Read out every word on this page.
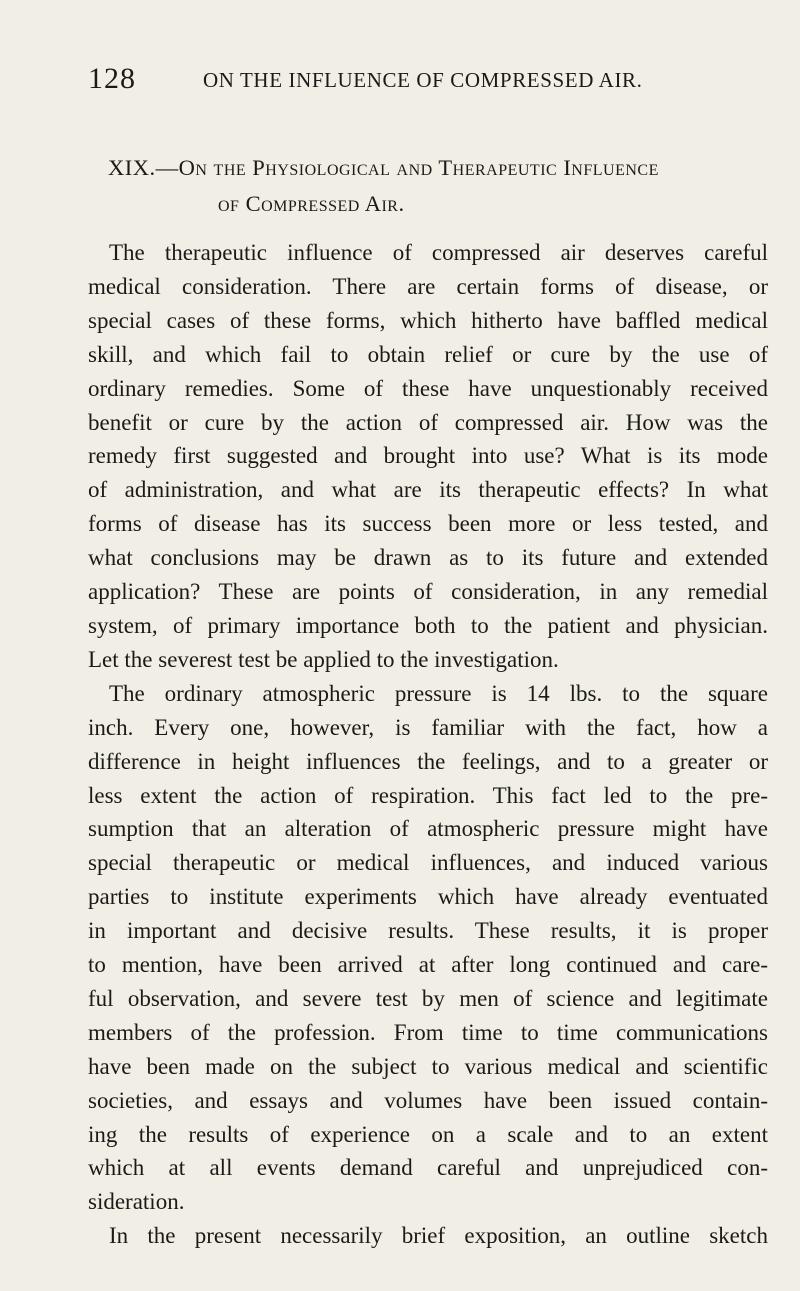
128	ON THE INFLUENCE OF COMPRESSED AIR.
XIX.—On the Physiological and Therapeutic Influence
of Compressed Air.
The therapeutic influence of compressed air deserves careful
medical consideration. There are certain forms of disease, or
special cases of these forms, which hitherto have baffled medical
skill, and which fail to obtain relief or cure by the use of
ordinary remedies. Some of these have unquestionably received
benefit or cure by the action of compressed air. How was the
remedy first suggested and brought into use? What is its mode
of administration, and what are its therapeutic effects? In what
forms of disease has its success been more or less tested, and
what conclusions may be drawn as to its future and extended
application? These are points of consideration, in any remedial
system, of primary importance both to the patient and physician.
Let the severest test be applied to the investigation.
The ordinary atmospheric pressure is 14 lbs. to the square
inch. Every one, however, is familiar with the fact, how a
difference in height influences the feelings, and to a greater or
less extent the action of respiration. This fact led to the pre-
sumption that an alteration of atmospheric pressure might have
special therapeutic or medical influences, and induced various
parties to institute experiments which have already eventuated
in important and decisive results. These results, it is proper
to mention, have been arrived at after long continued and care-
ful observation, and severe test by men of science and legitimate
members of the profession. From time to time communications
have been made on the subject to various medical and scientific
societies, and essays and volumes have been issued contain-
ing the results of experience on a scale and to an extent
which at all events demand careful and unprejudiced con-
sideration.
In the present necessarily brief exposition, an outline sketch
